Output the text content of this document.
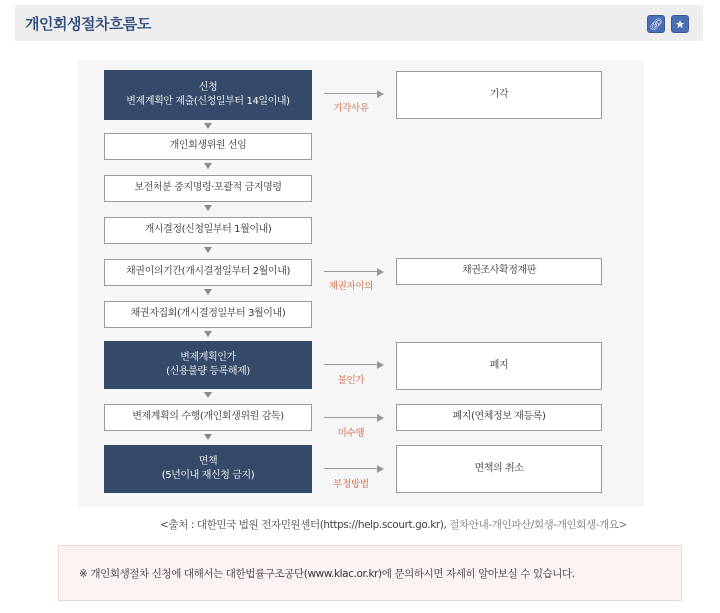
개인회생절차흐름도	🔗︎	★
신청
변제계획안 제출(신청일부터 14일이내)
개인회생위원 선임
보전처분 중지명령·포괄적 금지명령
개시결정(신청일부터 1월이내)
채권이의기간(개시결정일부터 2월이내)
채권자집회(개시결정일부터 3월이내)
변제계획인가
(신용불량 등록해제)
변제계획의 수행(개인회생위원 감독)
면책
(5년이내 재신청 금지)
기각사유
기각
채권자이의
채권조사확정재판
불인가
폐지
미수행
폐지(연체정보 재등록)
부정방법
면책의 취소
<출처 : 대한민국 법원 전자민원센터(https://help.scourt.go.kr), 절차안내-개인파산/회생-개인회생-개요>
※ 개인회생절차 신청에 대해서는 대한법률구조공단(www.klac.or.kr)에 문의하시면 자세히 알아보실 수 있습니다.
